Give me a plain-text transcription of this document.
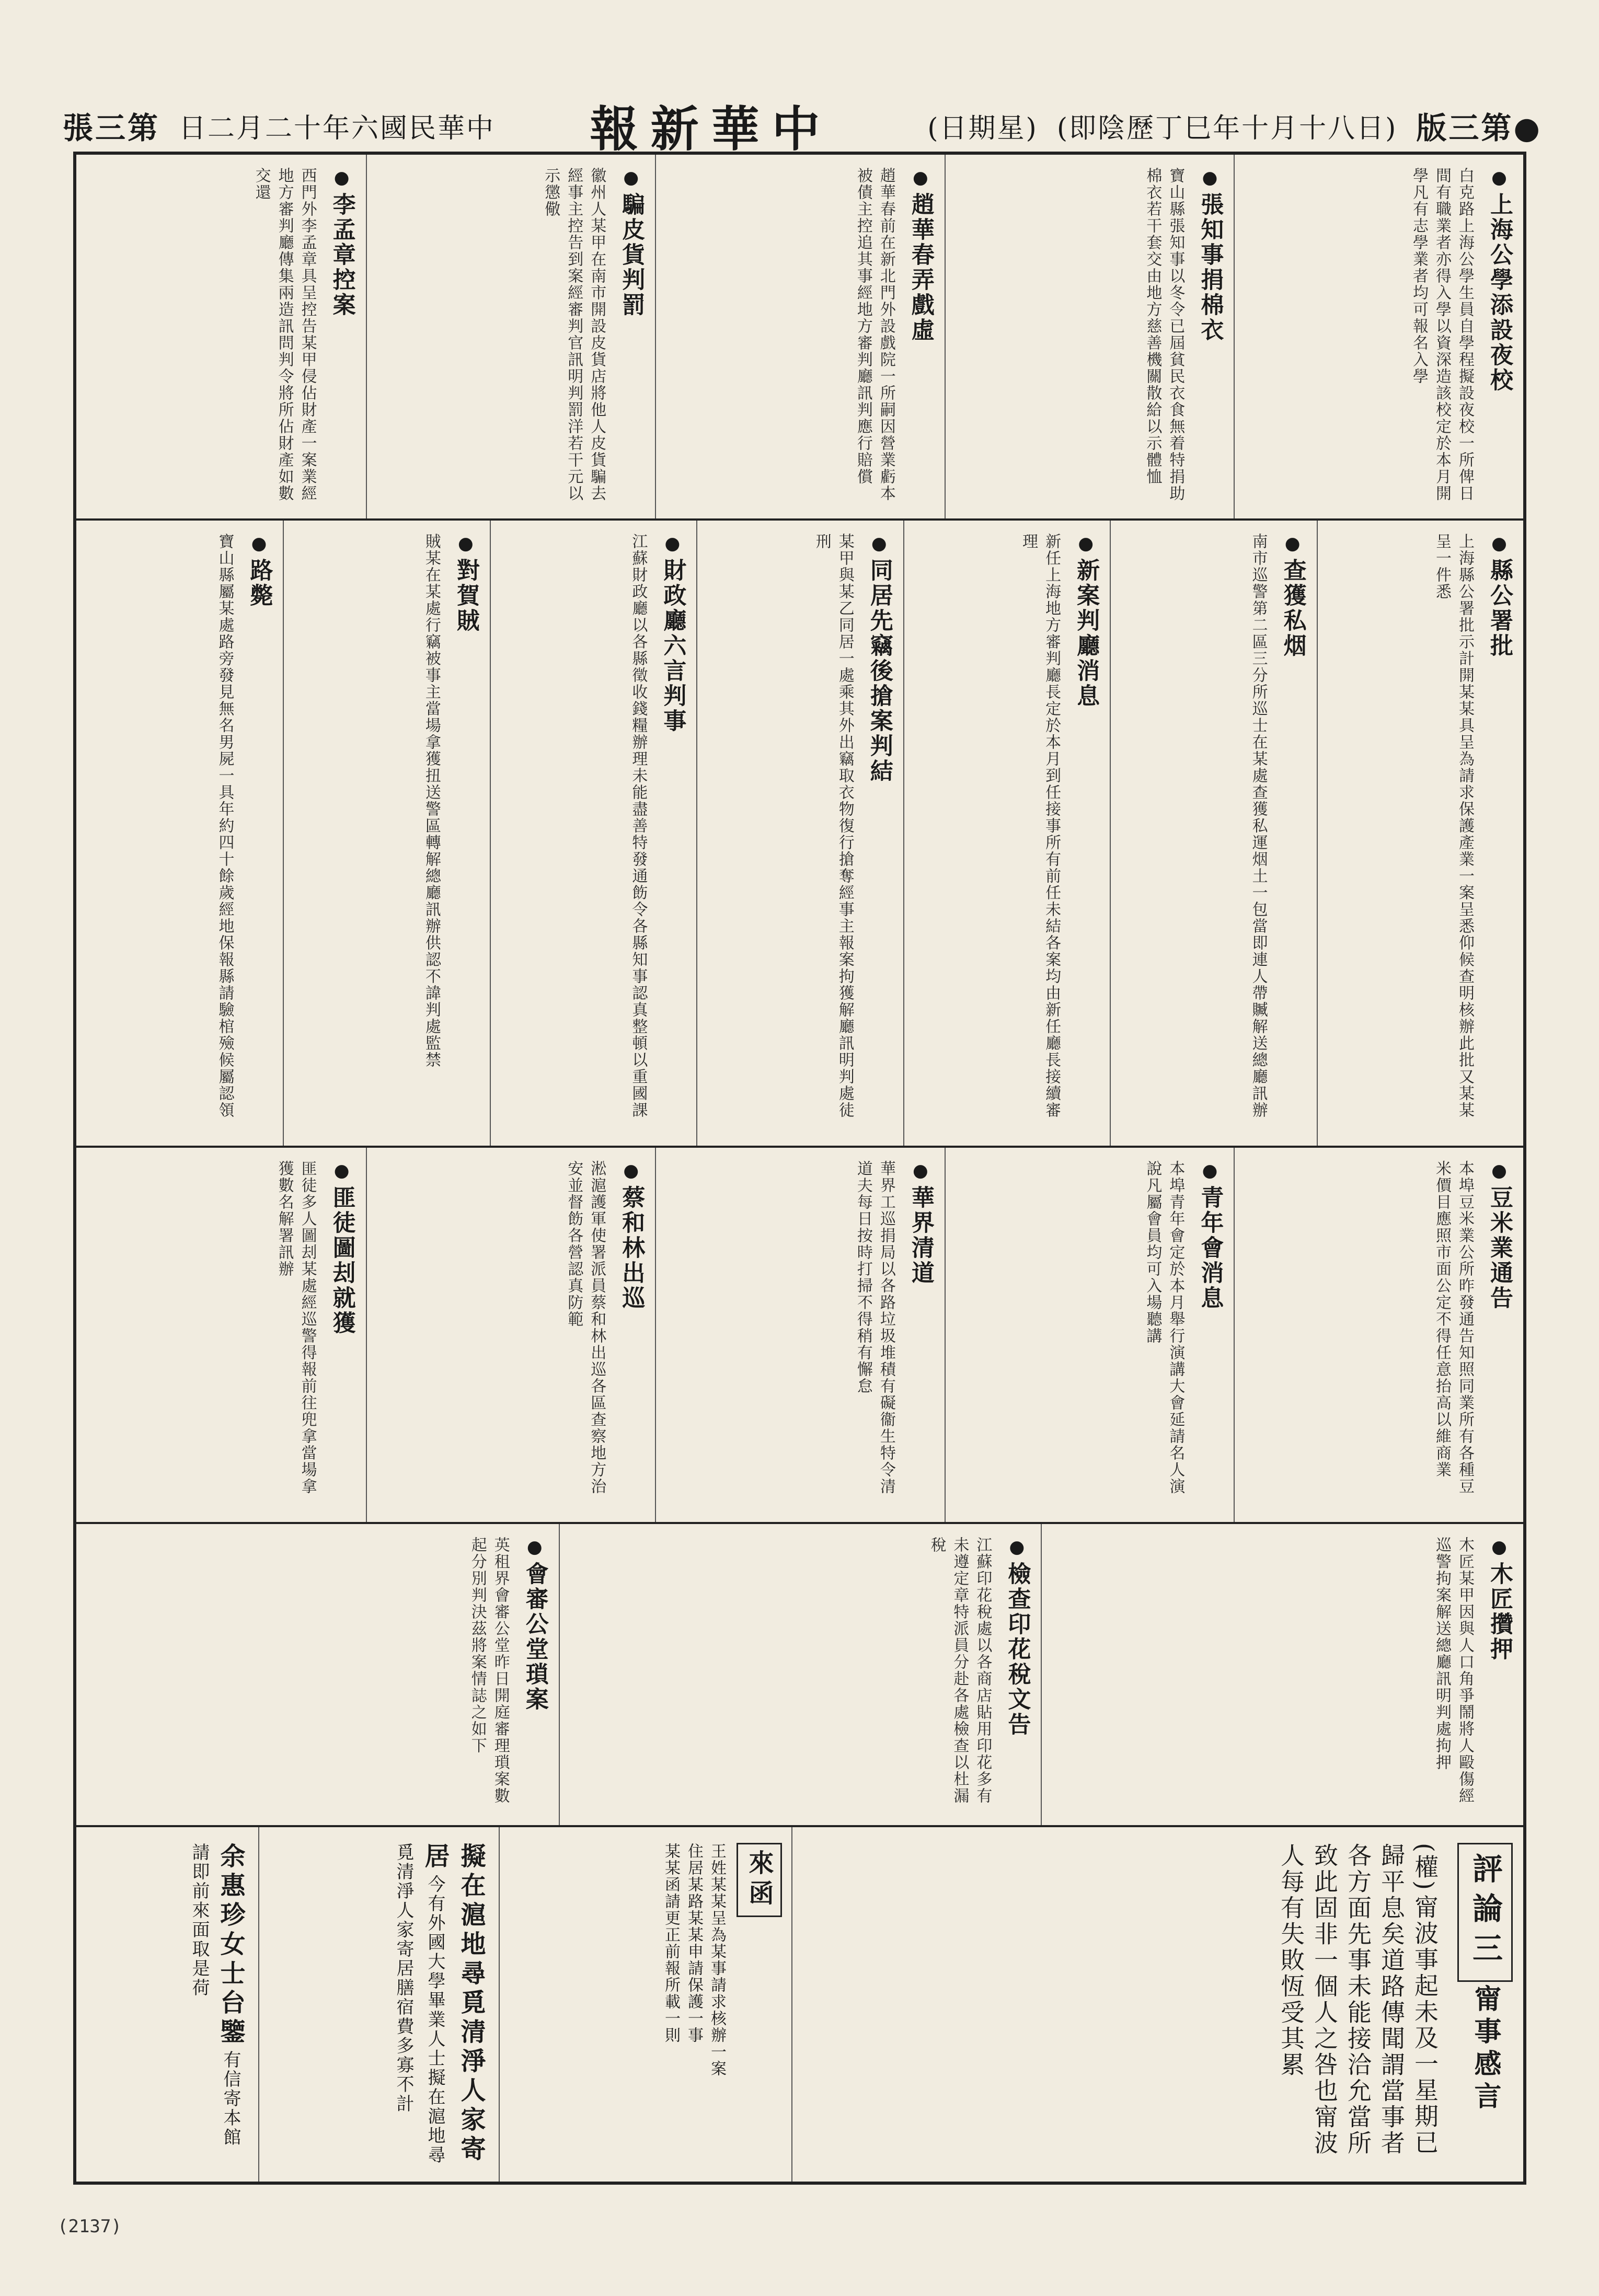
張三第 日二月二十年六國民華中 報新華中	(日期星) (即陰歷丁巳年十月十八日) 版三第●
●上海公學添設夜校
白克路上海公學生員自學程擬設夜校一所俾日間有職業者亦得入學以資深造該校定於本月開學凡有志學業者均可報名入學
●張知事捐棉衣
寶山縣張知事以冬令已屆貧民衣食無着特捐助棉衣若干套交由地方慈善機關散給以示體恤
●趙華春弄戲虛
趙華春前在新北門外設戲院一所嗣因營業虧本被債主控追其事經地方審判廳訊判應行賠償
●騙皮貨判罰
徽州人某甲在南市開設皮貨店將他人皮貨騙去經事主控告到案經審判官訊明判罰洋若干元以示懲儆
●李孟章控案
西門外李孟章具呈控告某甲侵佔財產一案業經地方審判廳傳集兩造訊問判令將所佔財產如數交還
●縣公署批
上海縣公署批示計開某某具呈為請求保護產業一案呈悉仰候查明核辦此批又某某呈一件悉
●查獲私烟
南市巡警第二區三分所巡士在某處查獲私運烟土一包當即連人帶贓解送總廳訊辦
●新案判廳消息
新任上海地方審判廳長定於本月到任接事所有前任未結各案均由新任廳長接續審理
●同居先竊後搶案判結
某甲與某乙同居一處乘其外出竊取衣物復行搶奪經事主報案拘獲解廳訊明判處徒刑
●財政廳六言判事
江蘇財政廳以各縣徵收錢糧辦理未能盡善特發通飭令各縣知事認真整頓以重國課
●對賀賊
賊某在某處行竊被事主當場拿獲扭送警區轉解總廳訊辦供認不諱判處監禁
●路斃
寶山縣屬某處路旁發見無名男屍一具年約四十餘歲經地保報縣請驗棺殮候屬認領
●豆米業通告
本埠豆米業公所昨發通告知照同業所有各種豆米價目應照市面公定不得任意抬高以維商業
●青年會消息
本埠青年會定於本月舉行演講大會延請名人演說凡屬會員均可入場聽講
●華界清道
華界工巡捐局以各路垃圾堆積有礙衞生特令清道夫每日按時打掃不得稍有懈怠
●蔡和林出巡
淞滬護軍使署派員蔡和林出巡各區查察地方治安並督飭各營認真防範
●匪徒圖刦就獲
匪徒多人圖刦某處經巡警得報前往兜拿當場拿獲數名解署訊辦
●木匠攢押
木匠某甲因與人口角爭鬧將人毆傷經巡警拘案解送總廳訊明判處拘押
●檢查印花稅文告
江蘇印花稅處以各商店貼用印花多有未遵定章特派員分赴各處檢查以杜漏稅
●會審公堂瑣案
英租界會審公堂昨日開庭審理瑣案數起分別判決茲將案情誌之如下
評論三 甯事感言 (權) 甯波事起未及一星期已歸平息矣道路傳聞謂當事者各方面先事未能接洽允當所致此固非一個人之咎也甯波人每有失敗恆受其累
來函
王姓某某呈為某事請求核辦一案
住居某路某某申請保護一事
某某函請更正前報所載一則
擬在滬地尋覓清淨人家寄居 今有外國大學畢業人士擬在滬地尋覓清淨人家寄居膳宿費多寡不計
余惠珍女士台鑒 有信寄本館請即前來面取是荷
(2137)
